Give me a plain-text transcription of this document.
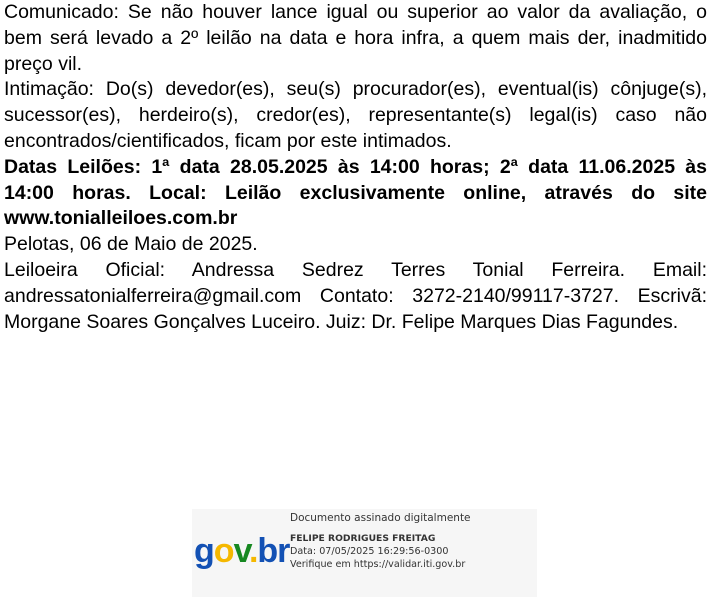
Comunicado: Se não houver lance igual ou superior ao valor da avaliação, o bem será levado a 2º leilão na data e hora infra, a quem mais der, inadmitido preço vil.

Intimação: Do(s) devedor(es), seu(s) procurador(es), eventual(is) cônjuge(s), sucessor(es), herdeiro(s), credor(es), representante(s) legal(is) caso não encontrados/cientificados, ficam por este intimados.

Datas Leilões: 1ª data 28.05.2025 às 14:00 horas; 2ª data 11.06.2025 às 14:00 horas. Local: Leilão exclusivamente online, através do site www.tonialleiloes.com.br

Pelotas, 06 de Maio de 2025.

Leiloeira Oficial: Andressa Sedrez Terres Tonial Ferreira. Email: andressatonialferreira@gmail.com Contato: 3272-2140/99117-3727. Escrivã: Morgane Soares Gonçalves Luceiro. Juiz: Dr. Felipe Marques Dias Fagundes.

gov.br
Documento assinado digitalmente
FELIPE RODRIGUES FREITAG
Data: 07/05/2025 16:29:56-0300
Verifique em https://validar.iti.gov.br
